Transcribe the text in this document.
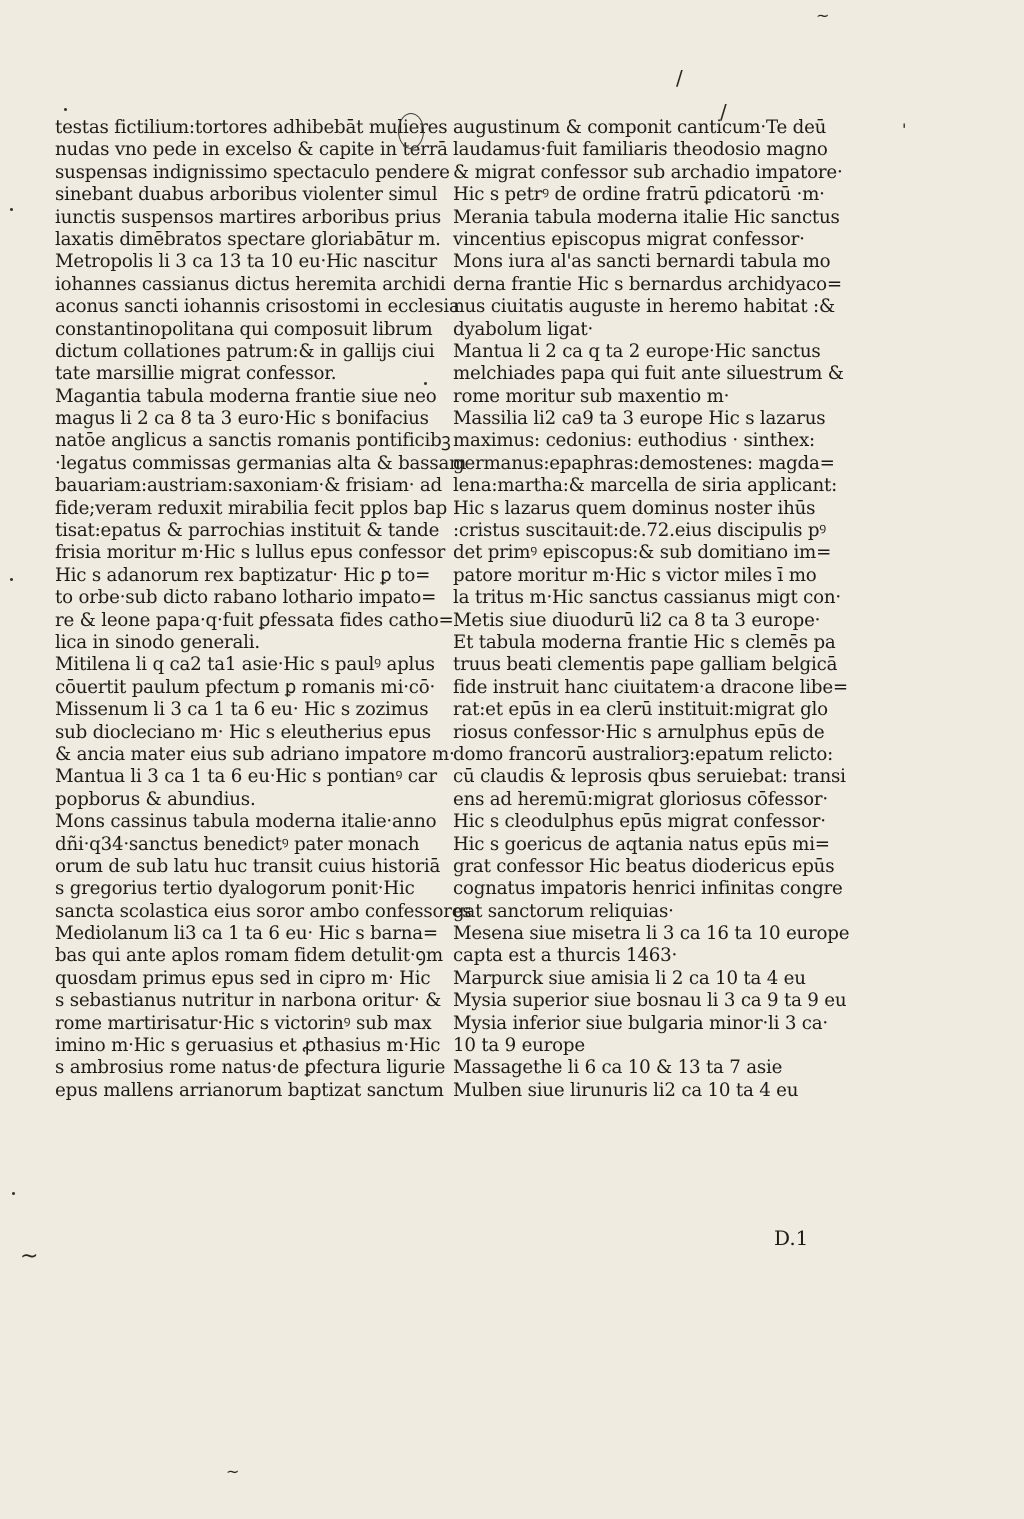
testas fictilium:tortores adhibebāt mulieres
nudas vno pede in excelso & capite in terrā
suspensas indignissimo spectaculo pendere
sinebant duabus arboribus violenter simul
iunctis suspensos martires arboribus prius
laxatis dimēbratos spectare gloriabātur m.
Metropolis li 3 ca 13 ta 10 eu·Hic nascitur
iohannes cassianus dictus heremita archidi
aconus sancti iohannis crisostomi in ecclesia
constantinopolitana qui composuit librum
dictum collationes patrum:& in gallijs ciui
tate marsillie migrat confessor.
Magantia tabula moderna frantie siue neo
magus li 2 ca 8 ta 3 euro·Hic s bonifacius
natōe anglicus a sanctis romanis pontificibꝫ
·legatus commissas germanias alta & bassam
bauariam:austriam:saxoniam·& frisiam· ad
fide;veram reduxit mirabilia fecit pplos bap
tisat:epatus & parrochias instituit & tande
frisia moritur m·Hic s lullus epus confessor
Hic s adanorum rex baptizatur· Hic ꝑ to=
to orbe·sub dicto rabano lothario impato=
re & leone papa·q·fuit ꝑfessata fides catho=
lica in sinodo generali.
Mitilena li q ca2 ta1 asie·Hic s paulꝰ aplus
cōuertit paulum pfectum ꝑ romanis mi·cō·
Missenum li 3 ca 1 ta 6 eu· Hic s zozimus
sub diocleciano m· Hic s eleutherius epus
& ancia mater eius sub adriano impatore m·
Mantua li 3 ca 1 ta 6 eu·Hic s pontianꝰ car
popborus & abundius.
Mons cassinus tabula moderna italie·anno
dñi·q34·sanctus benedictꝰ pater monach
orum de sub latu huc transit cuius historiā
s gregorius tertio dyalogorum ponit·Hic
sancta scolastica eius soror ambo confessores
Mediolanum li3 ca 1 ta 6 eu· Hic s barna=
bas qui ante aplos romam fidem detulit·ꝯm
quosdam primus epus sed in cipro m· Hic
s sebastianus nutritur in narbona oritur· &
rome martirisatur·Hic s victorinꝰ sub max
imino m·Hic s geruasius et ꝓthasius m·Hic
s ambrosius rome natus·de ꝑfectura ligurie
epus mallens arrianorum baptizat sanctum
augustinum & componit canticum·Te deū
laudamus·fuit familiaris theodosio magno
& migrat confessor sub archadio impatore·
Hic s petrꝰ de ordine fratrū ꝑdicatorū ·m·
Merania tabula moderna italie Hic sanctus
vincentius episcopus migrat confessor·
Mons iura al'as sancti bernardi tabula mo
derna frantie Hic s bernardus archidyaco=
nus ciuitatis auguste in heremo habitat :&
dyabolum ligat·
Mantua li 2 ca q ta 2 europe·Hic sanctus
melchiades papa qui fuit ante siluestrum &
rome moritur sub maxentio m·
Massilia li2 ca9 ta 3 europe Hic s lazarus
maximus: cedonius: euthodius · sinthex:
germanus:epaphras:demostenes: magda=
lena:martha:& marcella de siria applicant:
Hic s lazarus quem dominus noster ihūs
:cristus suscitauit:de.72.eius discipulis pꝰ
det primꝰ episcopus:& sub domitiano im=
patore moritur m·Hic s victor miles ī mo
la tritus m·Hic sanctus cassianus migt con·
Metis siue diuodurū li2 ca 8 ta 3 europe·
Et tabula moderna frantie Hic s clemēs pa
truus beati clementis pape galliam belgicā
fide instruit hanc ciuitatem·a dracone libe=
rat:et epūs in ea clerū instituit:migrat glo
riosus confessor·Hic s arnulphus epūs de
domo francorū australiorꝫ:epatum relicto:
cū claudis & leprosis qbus seruiebat: transi
ens ad heremū:migrat gloriosus cōfessor·
Hic s cleodulphus epūs migrat confessor·
Hic s goericus de aqtania natus epūs mi=
grat confessor Hic beatus diodericus epūs
cognatus impatoris henrici infinitas congre
gat sanctorum reliquias·
Mesena siue misetra li 3 ca 16 ta 10 europe
capta est a thurcis 1463·
Marpurck siue amisia li 2 ca 10 ta 4 eu
Mysia superior siue bosnau li 3 ca 9 ta 9 eu
Mysia inferior siue bulgaria minor·li 3 ca·
10 ta 9 europe
Massagethe li 6 ca 10 & 13 ta 7 asie
Mulben siue lirunuris li2 ca 10 ta 4 eu
D.1
/
/
'
~
~
~
